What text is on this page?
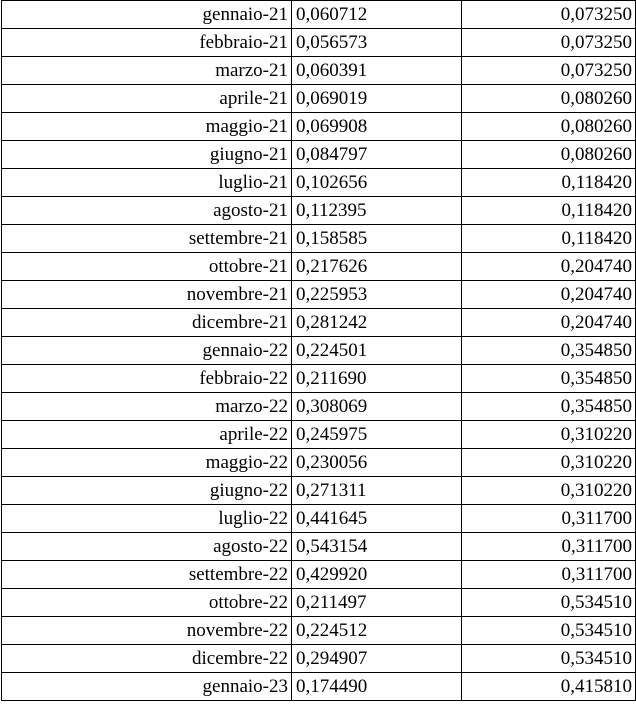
gennaio-21	0,060712	0,073250
febbraio-21	0,056573	0,073250
marzo-21	0,060391	0,073250
aprile-21	0,069019	0,080260
maggio-21	0,069908	0,080260
giugno-21	0,084797	0,080260
luglio-21	0,102656	0,118420
agosto-21	0,112395	0,118420
settembre-21	0,158585	0,118420
ottobre-21	0,217626	0,204740
novembre-21	0,225953	0,204740
dicembre-21	0,281242	0,204740
gennaio-22	0,224501	0,354850
febbraio-22	0,211690	0,354850
marzo-22	0,308069	0,354850
aprile-22	0,245975	0,310220
maggio-22	0,230056	0,310220
giugno-22	0,271311	0,310220
luglio-22	0,441645	0,311700
agosto-22	0,543154	0,311700
settembre-22	0,429920	0,311700
ottobre-22	0,211497	0,534510
novembre-22	0,224512	0,534510
dicembre-22	0,294907	0,534510
gennaio-23	0,174490	0,415810
